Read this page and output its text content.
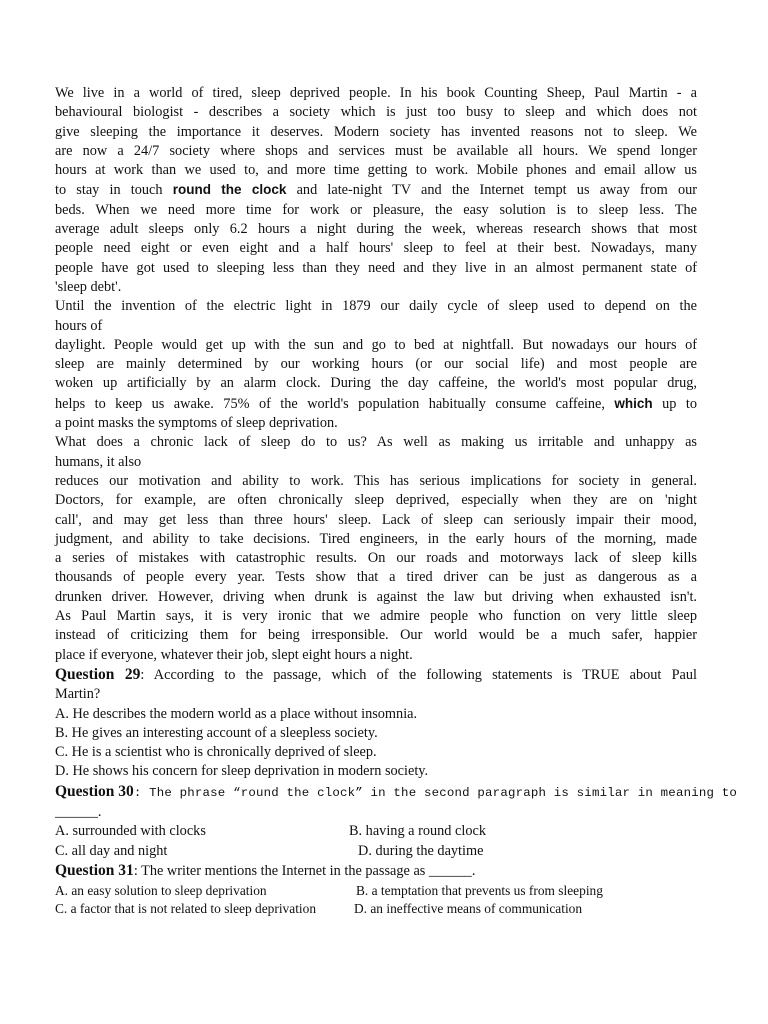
We live in a world of tired, sleep deprived people. In his book Counting Sheep, Paul Martin - a

behavioural biologist - describes a society which is just too busy to sleep and which does not

give sleeping the importance it deserves. Modern society has invented reasons not to sleep. We

are now a 24/7 society where shops and services must be available all hours. We spend longer

hours at work than we used to, and more time getting to work. Mobile phones and email allow us

to stay in touch round the clock and late-night TV and the Internet tempt us away from our

beds. When we need more time for work or pleasure, the easy solution is to sleep less. The

average adult sleeps only 6.2 hours a night during the week, whereas research shows that most

people need eight or even eight and a half hours' sleep to feel at their best. Nowadays, many

people have got used to sleeping less than they need and they live in an almost permanent state of

'sleep debt'.

Until the invention of the electric light in 1879 our daily cycle of sleep used to depend on the

hours of

daylight. People would get up with the sun and go to bed at nightfall. But nowadays our hours of

sleep are mainly determined by our working hours (or our social life) and most people are

woken up artificially by an alarm clock. During the day caffeine, the world's most popular drug,

helps to keep us awake. 75% of the world's population habitually consume caffeine, which up to

a point masks the symptoms of sleep deprivation.

What does a chronic lack of sleep do to us? As well as making us irritable and unhappy as

humans, it also

reduces our motivation and ability to work. This has serious implications for society in general.

Doctors, for example, are often chronically sleep deprived, especially when they are on 'night

call', and may get less than three hours' sleep. Lack of sleep can seriously impair their mood,

judgment, and ability to take decisions. Tired engineers, in the early hours of the morning, made

a series of mistakes with catastrophic results. On our roads and motorways lack of sleep kills

thousands of people every year. Tests show that a tired driver can be just as dangerous as a

drunken driver. However, driving when drunk is against the law but driving when exhausted isn't.

As Paul Martin says, it is very ironic that we admire people who function on very little sleep

instead of criticizing them for being irresponsible. Our world would be a much safer, happier

place if everyone, whatever their job, slept eight hours a night.

Question 29: According to the passage, which of the following statements is TRUE about Paul

Martin?

A. He describes the modern world as a place without insomnia.

B. He gives an interesting account of a sleepless society.

C. He is a scientist who is chronically deprived of sleep.

D. He shows his concern for sleep deprivation in modern society.

Question 30: The phrase “round the clock” in the second paragraph is similar in meaning to

______.

A. surrounded with clocks	B. having a round clock
C. all day and night	D. during the daytime

Question 31: The writer mentions the Internet in the passage as ______.

A. an easy solution to sleep deprivation	B. a temptation that prevents us from sleeping
C. a factor that is not related to sleep deprivation	D. an ineffective means of communication
